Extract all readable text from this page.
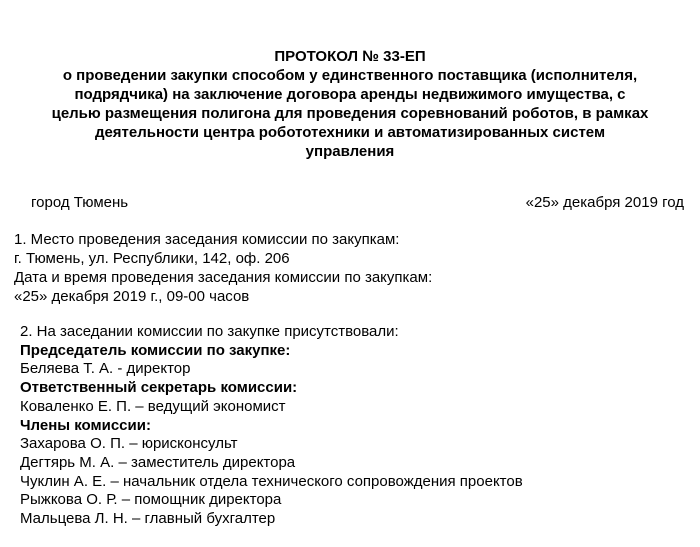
ПРОТОКОЛ № 33-ЕП
о проведении закупки способом у единственного поставщика (исполнителя,
подрядчика) на заключение договора аренды недвижимого имущества, с
целью размещения полигона для проведения соревнований роботов, в рамках
деятельности центра робототехники и автоматизированных систем
управления
город Тюмень	«25» декабря 2019 год
1. Место проведения заседания комиссии по закупкам:
г. Тюмень, ул. Республики, 142, оф. 206
Дата и время проведения заседания комиссии по закупкам:
«25» декабря 2019 г., 09-00 часов
2. На заседании комиссии по закупке присутствовали:
Председатель комиссии по закупке:
Беляева Т. А. - директор
Ответственный секретарь комиссии:
Коваленко Е. П. – ведущий экономист
Члены комиссии:
Захарова О. П. – юрисконсульт
Дегтярь М. А. – заместитель директора
Чуклин А. Е. – начальник отдела технического сопровождения проектов
Рыжкова О. Р. – помощник директора
Мальцева Л. Н. – главный бухгалтер
